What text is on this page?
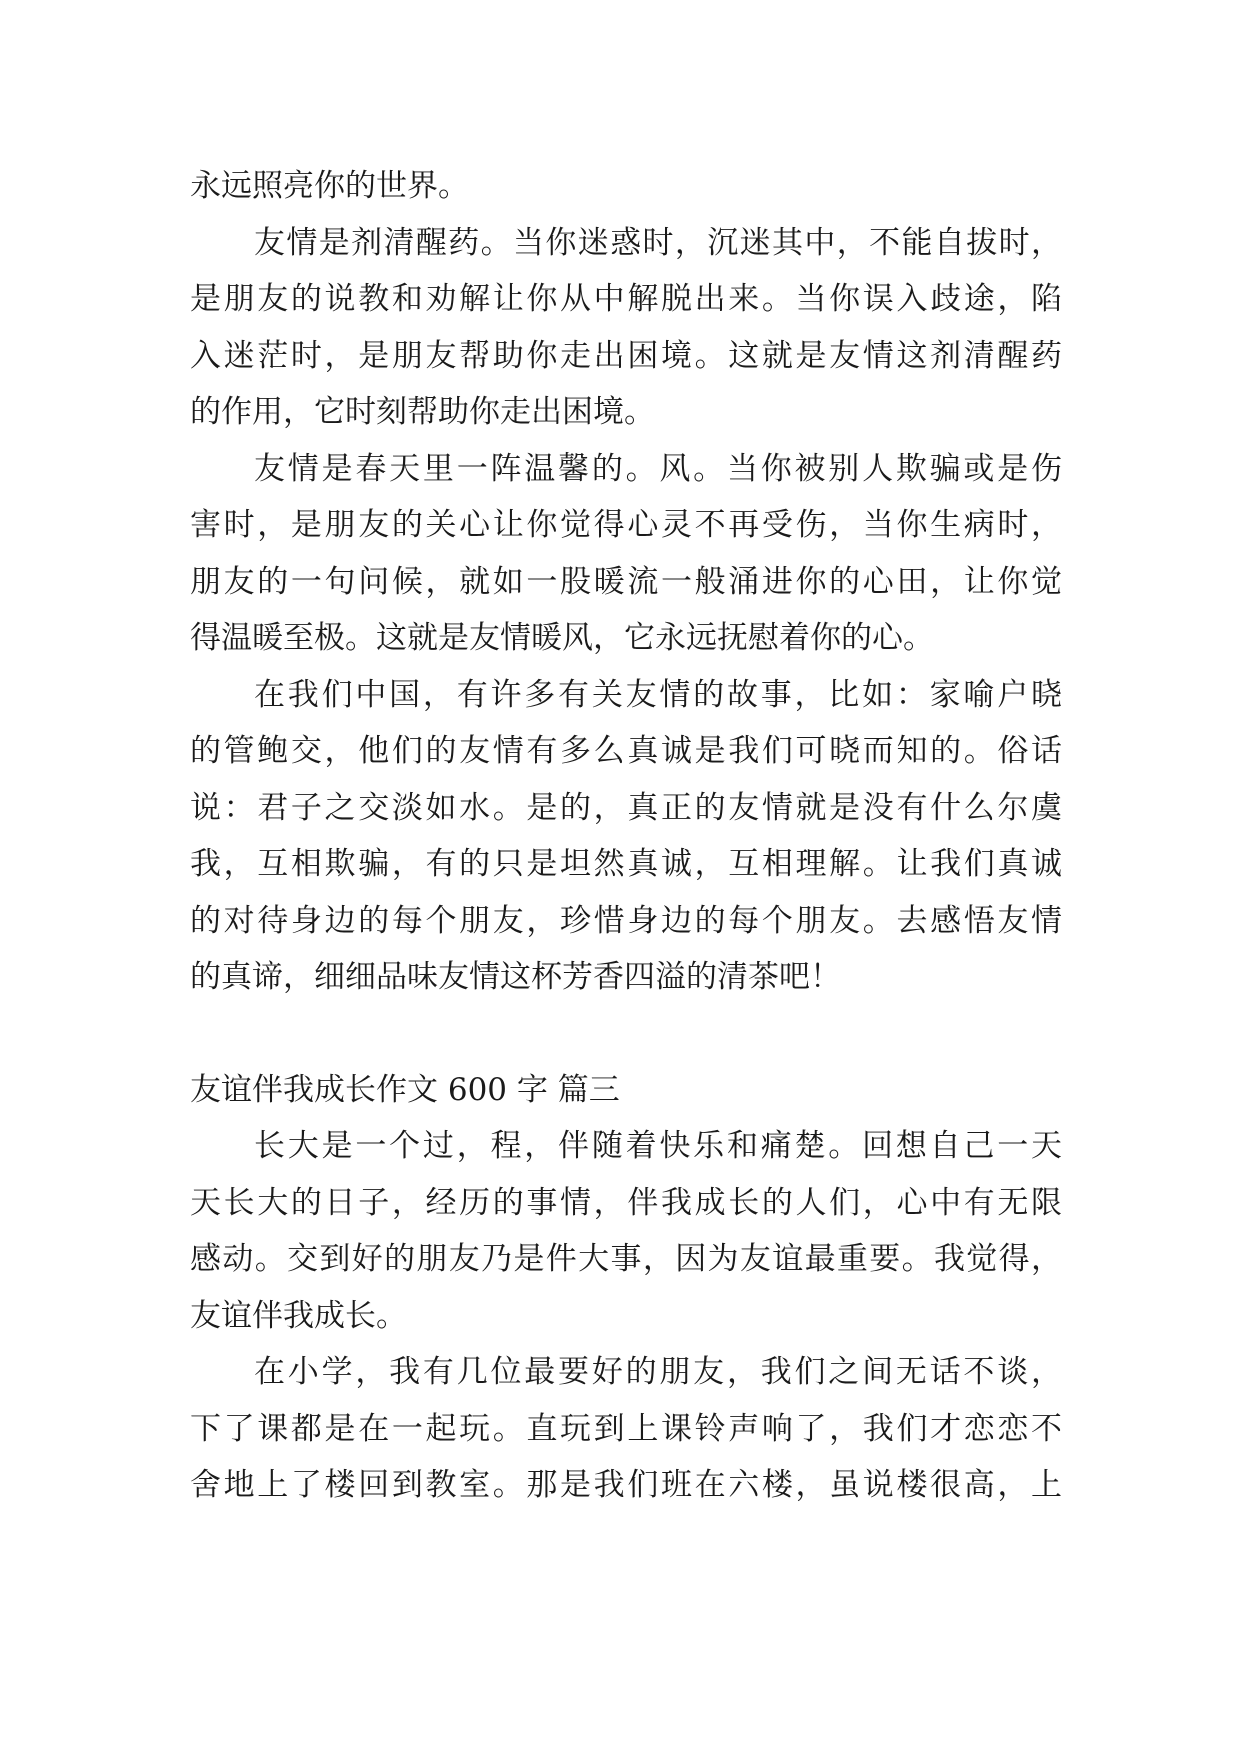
永远照亮你的世界。
友情是剂清醒药。当你迷惑时，沉迷其中，不能自拔时，
是朋友的说教和劝解让你从中解脱出来。当你误入歧途，陷
入迷茫时，是朋友帮助你走出困境。这就是友情这剂清醒药
的作用，它时刻帮助你走出困境。
友情是春天里一阵温馨的。风。当你被别人欺骗或是伤
害时，是朋友的关心让你觉得心灵不再受伤，当你生病时，
朋友的一句问候，就如一股暖流一般涌进你的心田，让你觉
得温暖至极。这就是友情暖风，它永远抚慰着你的心。
在我们中国，有许多有关友情的故事，比如：家喻户晓
的管鲍交，他们的友情有多么真诚是我们可晓而知的。俗话
说：君子之交淡如水。是的，真正的友情就是没有什么尔虞
我，互相欺骗，有的只是坦然真诚，互相理解。让我们真诚
的对待身边的每个朋友，珍惜身边的每个朋友。去感悟友情
的真谛，细细品味友情这杯芳香四溢的清茶吧！
友谊伴我成长作文 600 字 篇三
长大是一个过，程，伴随着快乐和痛楚。回想自己一天
天长大的日子，经历的事情，伴我成长的人们，心中有无限
感动。交到好的朋友乃是件大事，因为友谊最重要。我觉得，
友谊伴我成长。
在小学，我有几位最要好的朋友，我们之间无话不谈，
下了课都是在一起玩。直玩到上课铃声响了，我们才恋恋不
舍地上了楼回到教室。那是我们班在六楼，虽说楼很高，上
